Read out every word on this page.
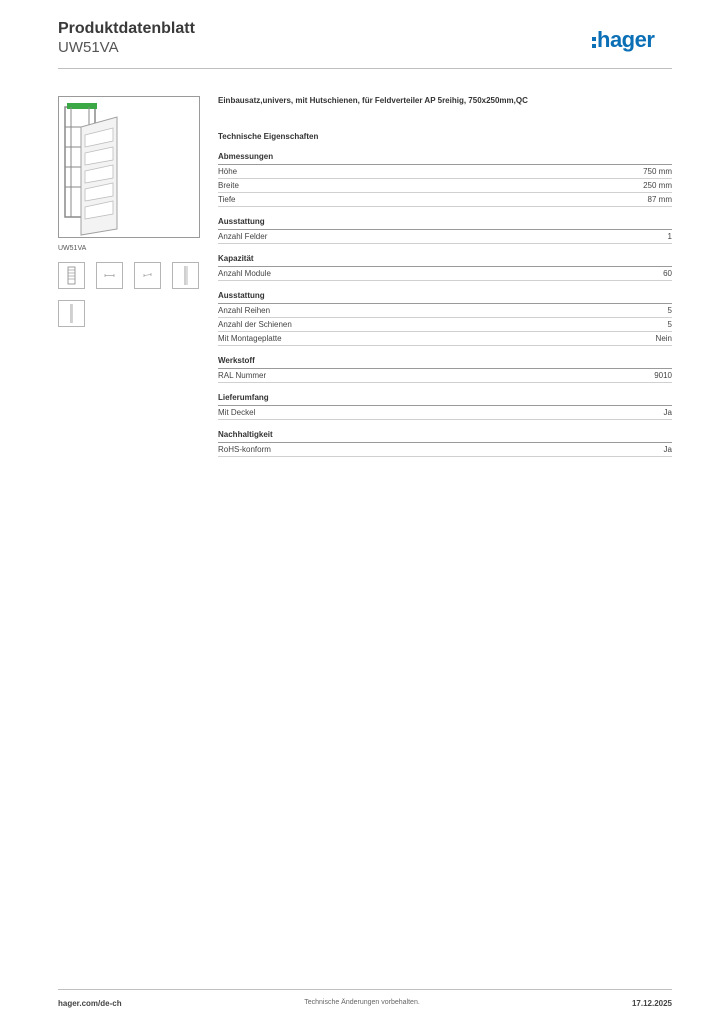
Produktdatenblatt
UW51VA	hager
UW51VA
Einbausatz,univers, mit Hutschienen, für Feldverteiler AP 5reihig, 750x250mm,QC
Technische Eigenschaften
Abmessungen
Höhe	750 mm
Breite	250 mm
Tiefe	87 mm
Ausstattung
Anzahl Felder	1
Kapazität
Anzahl Module	60
Ausstattung
Anzahl Reihen	5
Anzahl der Schienen	5
Mit Montageplatte	Nein
Werkstoff
RAL Nummer	9010
Lieferumfang
Mit Deckel	Ja
Nachhaltigkeit
RoHS-konform	Ja
hager.com/de-ch	Technische Änderungen vorbehalten.	17.12.2025
